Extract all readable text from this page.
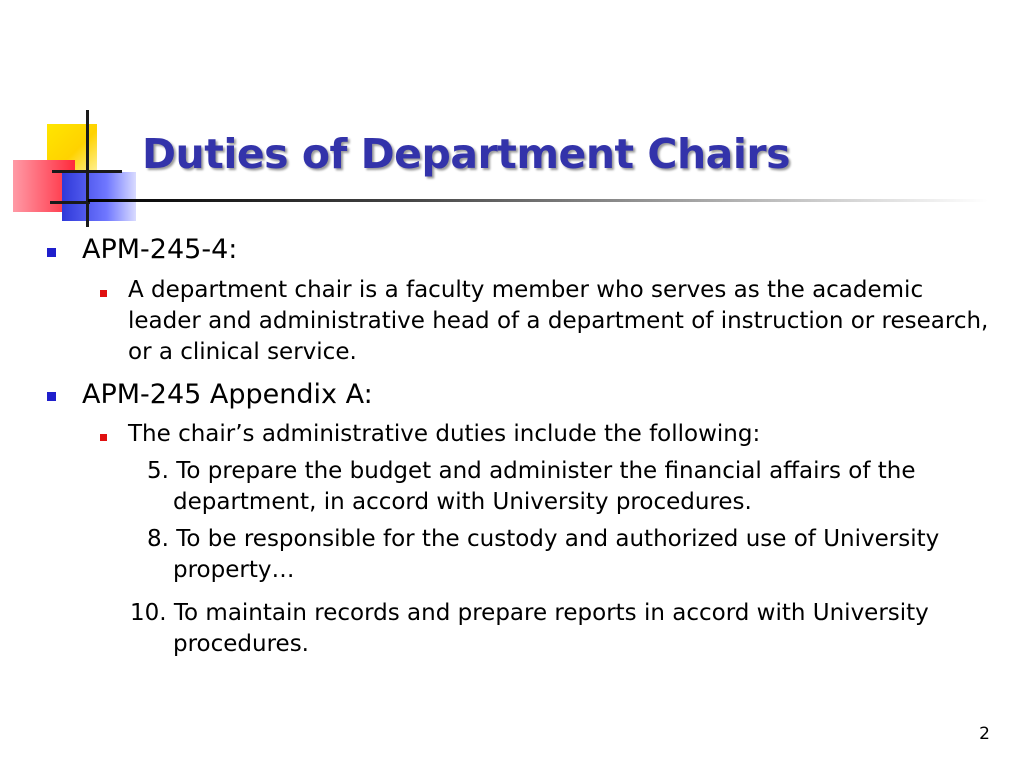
Duties of Department Chairs
APM-245-4:
A department chair is a faculty member who serves as the academic leader and administrative head of a department of instruction or research, or a clinical service.
APM-245 Appendix A:
The chair’s administrative duties include the following:
5. To prepare the budget and administer the financial affairs of the department, in accord with University procedures.
8. To be responsible for the custody and authorized use of University property…
10. To maintain records and prepare reports in accord with University procedures.
2
